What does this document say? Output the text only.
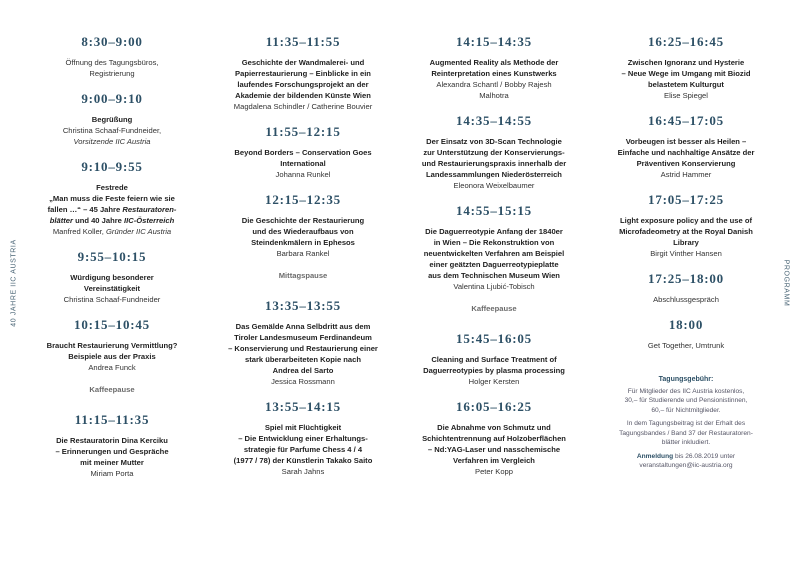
40 JAHRE IIC AUSTRIA	PROGRAMM
8:30–9:00
Öffnung des Tagungsbüros,
Registrierung
9:00–9:10
Begrüßung
Christina Schaaf-Fundneider,
Vorsitzende IIC Austria
9:10–9:55
Festrede
„Man muss die Feste feiern wie sie
fallen …“ – 45 Jahre Restauratoren-
blätter und 40 Jahre IIC-Österreich
Manfred Koller, Gründer IIC Austria
9:55–10:15
Würdigung besonderer
Vereinstätigkeit
Christina Schaaf-Fundneider
10:15–10:45
Braucht Restaurierung Vermittlung?
Beispiele aus der Praxis
Andrea Funck
Kaffeepause
11:15–11:35
Die Restauratorin Dina Kerciku
– Erinnerungen und Gespräche
mit meiner Mutter
Miriam Porta
11:35–11:55
Geschichte der Wandmalerei- und
Papierrestaurierung – Einblicke in ein
laufendes Forschungsprojekt an der
Akademie der bildenden Künste Wien
Magdalena Schindler / Catherine Bouvier
11:55–12:15
Beyond Borders – Conservation Goes
International
Johanna Runkel
12:15–12:35
Die Geschichte der Restaurierung
und des Wiederaufbaus von
Steindenkmälern in Ephesos
Barbara Rankel
Mittagspause
13:35–13:55
Das Gemälde Anna Selbdritt aus dem
Tiroler Landesmuseum Ferdinandeum
– Konservierung und Restaurierung einer
stark überarbeiteten Kopie nach
Andrea del Sarto
Jessica Rossmann
13:55–14:15
Spiel mit Flüchtigkeit
– Die Entwicklung einer Erhaltungs-
strategie für Parfume Chess 4 / 4
(1977 / 78) der Künstlerin Takako Saito
Sarah Jahns
14:15–14:35
Augmented Reality als Methode der
Reinterpretation eines Kunstwerks
Alexandra Schantl / Bobby Rajesh
Malhotra
14:35–14:55
Der Einsatz von 3D-Scan Technologie
zur Unterstützung der Konservierungs-
und Restaurierungspraxis innerhalb der
Landessammlungen Niederösterreich
Eleonora Weixelbaumer
14:55–15:15
Die Daguerreotypie Anfang der 1840er
in Wien – Die Rekonstruktion von
neuentwickelten Verfahren am Beispiel
einer geätzten Daguerreotypieplatte
aus dem Technischen Museum Wien
Valentina Ljubić-Tobisch
Kaffeepause
15:45–16:05
Cleaning and Surface Treatment of
Daguerreotypies by plasma processing
Holger Kersten
16:05–16:25
Die Abnahme von Schmutz und
Schichtentrennung auf Holzoberflächen
– Nd:YAG-Laser und nasschemische
Verfahren im Vergleich
Peter Kopp
16:25–16:45
Zwischen Ignoranz und Hysterie
– Neue Wege im Umgang mit Biozid
belastetem Kulturgut
Elise Spiegel
16:45–17:05
Vorbeugen ist besser als Heilen –
Einfache und nachhaltige Ansätze der
Präventiven Konservierung
Astrid Hammer
17:05–17:25
Light exposure policy and the use of
Microfadeometry at the Royal Danish
Library
Birgit Vinther Hansen
17:25–18:00
Abschlussgespräch
18:00
Get Together, Umtrunk
Tagungsgebühr:

Für Mitglieder des IIC Austria kostenlos,
30,– für Studierende und Pensionistinnen,
60,– für Nichtmitglieder.

In dem Tagungsbeitrag ist der Erhalt des
Tagungsbandes / Band 37 der Restauratoren-
blätter inkludiert.

Anmeldung bis 26.08.2019 unter
veranstaltungen@iic-austria.org
